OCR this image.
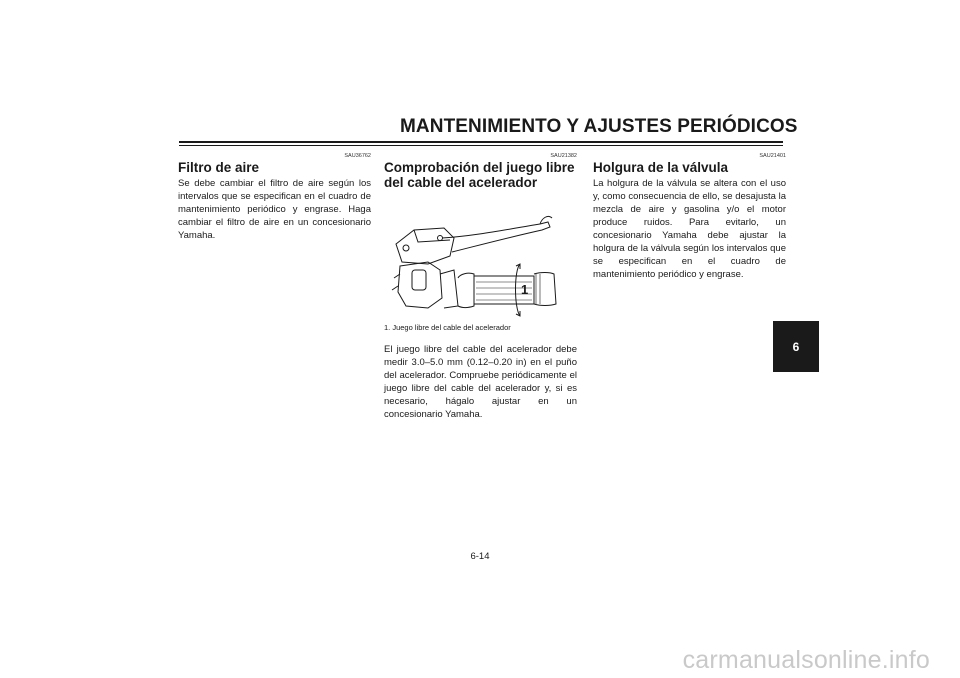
MANTENIMIENTO Y AJUSTES PERIÓDICOS
SAU36762
Filtro de aire

Se debe cambiar el filtro de aire según los intervalos que se especifican en el cuadro de mantenimiento periódico y engrase. Haga cambiar el filtro de aire en un concesionario Yamaha.

SAU21382
Comprobación del juego libre del cable del acelerador
1
1. Juego libre del cable del acelerador

El juego libre del cable del acelerador debe medir 3.0–5.0 mm (0.12–0.20 in) en el puño del acelerador. Compruebe periódicamente el juego libre del cable del acelerador y, si es necesario, hágalo ajustar en un concesionario Yamaha.

SAU21401
Holgura de la válvula

La holgura de la válvula se altera con el uso y, como consecuencia de ello, se desajusta la mezcla de aire y gasolina y/o el motor produce ruidos. Para evitarlo, un concesionario Yamaha debe ajustar la holgura de la válvula según los intervalos que se especifican en el cuadro de mantenimiento periódico y engrase.

6
6-14
carmanualsonline.info
